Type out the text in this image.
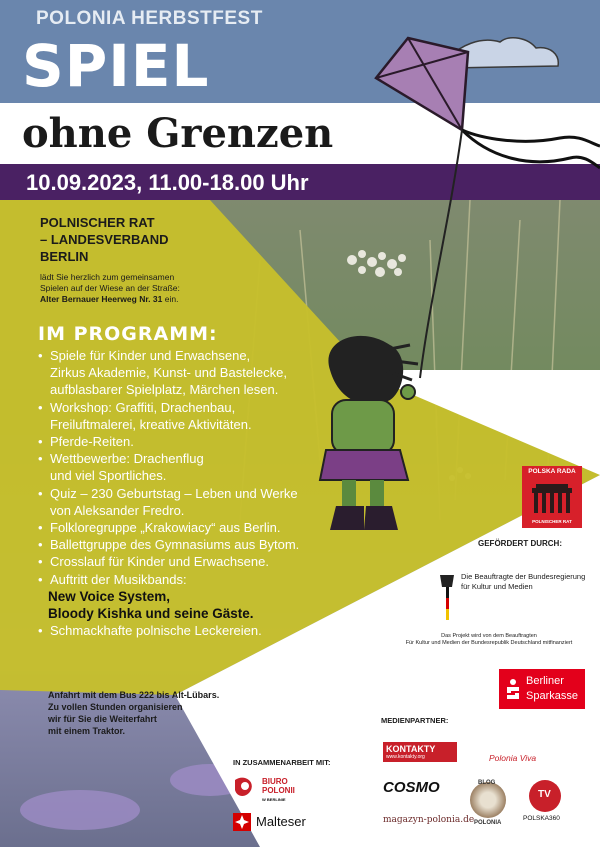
POLONIA HERBSTFEST
SPIEL
ohne Grenzen
10.09.2023, 11.00-18.00 Uhr
POLNISCHER RAT
– LANDESVERBAND
BERLIN
lädt Sie herzlich zum gemeinsamen
Spielen auf der Wiese an der Straße:
Alter Bernauer Heerweg Nr. 31 ein.
IM PROGRAMM:
• Spiele für Kinder und Erwachsene,
Zirkus Akademie, Kunst- und Bastelecke,
aufblasbarer Spielplatz, Märchen lesen.
• Workshop: Graffiti, Drachenbau,
Freiluftmalerei, kreative Aktivitäten.
• Pferde-Reiten.
• Wettbewerbe: Drachenflug
und viel Sportliches.
• Quiz – 230 Geburtstag – Leben und Werke
von Aleksander Fredro.
• Folkloregruppe „Krakowiacy“ aus Berlin.
• Ballettgruppe des Gymnasiums aus Bytom.
• Crosslauf für Kinder und Erwachsene.
• Auftritt der Musikbands:
New Voice System,
Bloody Kishka und seine Gäste.
• Schmackhafte polnische Leckereien.
Anfahrt mit dem Bus 222 bis Alt-Lübars.
Zu vollen Stunden organisieren
wir für Sie die Weiterfahrt
mit einem Traktor.
POLSKA RADA
POLNISCHER RAT
GEFÖRDERT DURCH:
Die Beauftragte der Bundesregierung
für Kultur und Medien
Das Projekt wird von dem Beauftragten
Für Kultur und Medien der Bundesrepublik Deutschland mitfinanziert
Berliner
Sparkasse
MEDIENPARTNER:
IN ZUSAMMENARBEIT MIT:
KONTAKTY
www.kontakty.org	Polonia Viva
COSMO	BLOG
POLONIA
TV
POLSKA360
magazyn-polonia.de
BIURO
POLONII
W BERLINIE
Malteser
